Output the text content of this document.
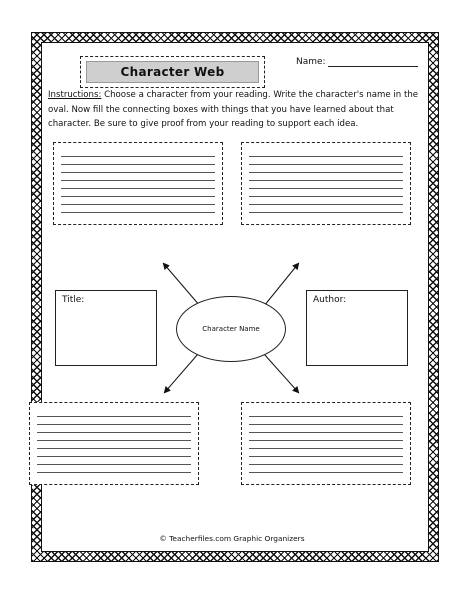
Character Web
Name:
Instructions: Choose a character from your reading. Write the character's name in the oval. Now fill the connecting boxes with things that you have learned about that character. Be sure to give proof from your reading to support each idea.
Title:	Author:
Character Name
© Teacherfiles.com Graphic Organizers
